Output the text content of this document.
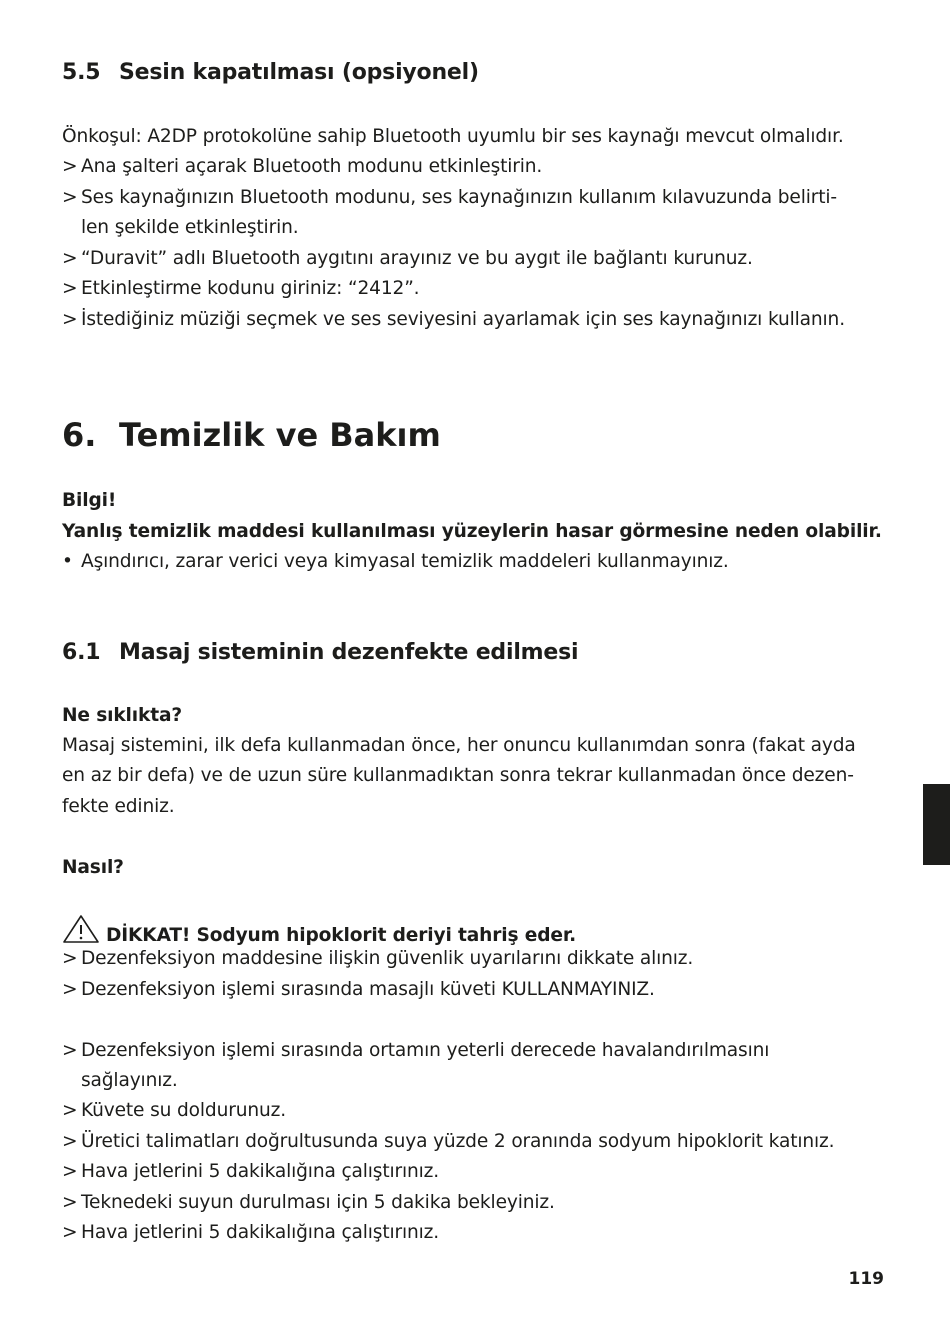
5.5 Sesin kapatılması (opsiyonel)
Önkoşul: A2DP protokolüne sahip Bluetooth uyumlu bir ses kaynağı mevcut olmalıdır.
> Ana şalteri açarak Bluetooth modunu etkinleştirin.
> Ses kaynağınızın Bluetooth modunu, ses kaynağınızın kullanım kılavuzunda belirti-
len şekilde etkinleştirin.
> “Duravit” adlı Bluetooth aygıtını arayınız ve bu aygıt ile bağlantı kurunuz.
> Etkinleştirme kodunu giriniz: “2412”.
> İstediğiniz müziği seçmek ve ses seviyesini ayarlamak için ses kaynağınızı kullanın.
6. Temizlik ve Bakım
Bilgi!
Yanlış temizlik maddesi kullanılması yüzeylerin hasar görmesine neden olabilir.
• Aşındırıcı, zarar verici veya kimyasal temizlik maddeleri kullanmayınız.
6.1 Masaj sisteminin dezenfekte edilmesi
Ne sıklıkta?
Masaj sistemini, ilk defa kullanmadan önce, her onuncu kullanımdan sonra (fakat ayda
en az bir defa) ve de uzun süre kullanmadıktan sonra tekrar kullanmadan önce dezen-
fekte ediniz.
Nasıl?
DİKKAT! Sodyum hipoklorit deriyi tahriş eder.
> Dezenfeksiyon maddesine ilişkin güvenlik uyarılarını dikkate alınız.
> Dezenfeksiyon işlemi sırasında masajlı küveti KULLANMAYINIZ.
> Dezenfeksiyon işlemi sırasında ortamın yeterli derecede havalandırılmasını
sağlayınız.
> Küvete su doldurunuz.
> Üretici talimatları doğrultusunda suya yüzde 2 oranında sodyum hipoklorit katınız.
> Hava jetlerini 5 dakikalığına çalıştırınız.
> Teknedeki suyun durulması için 5 dakika bekleyiniz.
> Hava jetlerini 5 dakikalığına çalıştırınız.
119
